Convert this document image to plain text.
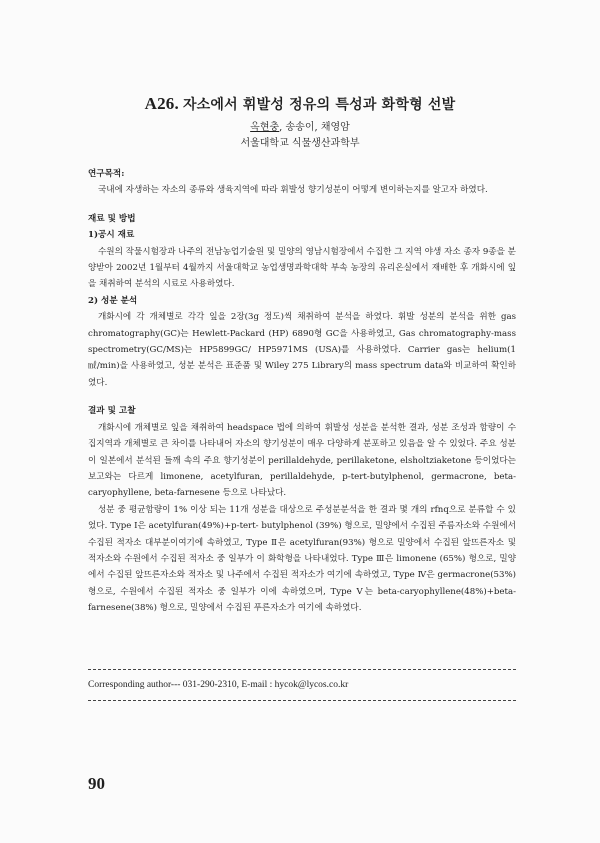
A26. 자소에서 휘발성 정유의 특성과 화학형 선발
옥현충, 송송이, 채영암
서울대학교 식물생산과학부

연구목적:

국내에 자생하는 자소의 종류와 생육지역에 따라 휘발성 향기성분이 어떻게 변이하는지를 알고자 하였다.

재료 및 방법

1)공시 재료

수원의 작물시험장과 나주의 전남농업기술원 및 밀양의 영남시험장에서 수집한 그 지역 야생 자소 종자 9종을 분양받아 2002년 1월부터 4월까지 서울대학교 농업생명과학대학 부속 농장의 유리온실에서 재배한 후 개화시에 잎을 채취하여 분석의 시료로 사용하였다.

2) 성분 분석

개화시에 각 개체별로 각각 잎을 2장(3g 정도)씩 채취하여 분석을 하였다. 휘발 성분의 분석을 위한 gas chromatography(GC)는 Hewlett-Packard (HP) 6890형 GC을 사용하였고, Gas chromatography-mass spectrometry(GC/MS)는 HP5899GC/ HP5971MS (USA)를 사용하였다. Carrier gas는 helium(1㎖/min)을 사용하였고, 성분 분석은 표준품 및 Wiley 275 Library의 mass spectrum data와 비교하여 확인하였다.

결과 및 고찰

개화시에 개체별로 잎을 채취하여 headspace 법에 의하여 휘발성 성분을 분석한 결과, 성분 조성과 함량이 수집지역과 개체별로 큰 차이를 나타내어 자소의 향기성분이 매우 다양하게 분포하고 있음을 알 수 있었다. 주요 성분이 일본에서 분석된 들깨 속의 주요 향기성분이 perillaldehyde, perillaketone, elsholtziaketone 등이었다는 보고와는 다르게 limonene, acetylfuran, perillaldehyde, p-tert-butylphenol, germacrone, beta-caryophyllene, beta-farnesene 등으로 나타났다.

성분 중 평균함량이 1% 이상 되는 11개 성분을 대상으로 주성분분석을 한 결과 몇 개의 rfnq으로 분류할 수 있었다. Type Ⅰ은 acetylfuran(49%)+p-tert- butylphenol (39%) 형으로, 밀양에서 수집된 주름자소와 수원에서 수집된 적자소 대부분이여기에 속하였고, Type Ⅱ은 acetylfuran(93%) 형으로 밀양에서 수집된 앞뜨른자소 및 적자소와 수원에서 수집된 적자소 중 일부가 이 화학형을 나타내었다. Type Ⅲ은 limonene (65%) 형으로, 밀양에서 수집된 앞뜨른자소와 적자소 및 나주에서 수집된 적자소가 여기에 속하였고, Type Ⅳ은 germacrone(53%) 형으로, 수원에서 수집된 적자소 중 일부가 이에 속하였으며, Type Ⅴ는 beta-caryophyllene(48%)+beta-farnesene(38%) 형으로, 밀양에서 수집된 푸른자소가 여기에 속하였다.

Corresponding author--- 031-290-2310, E-mail : hycok@lycos.co.kr
90
